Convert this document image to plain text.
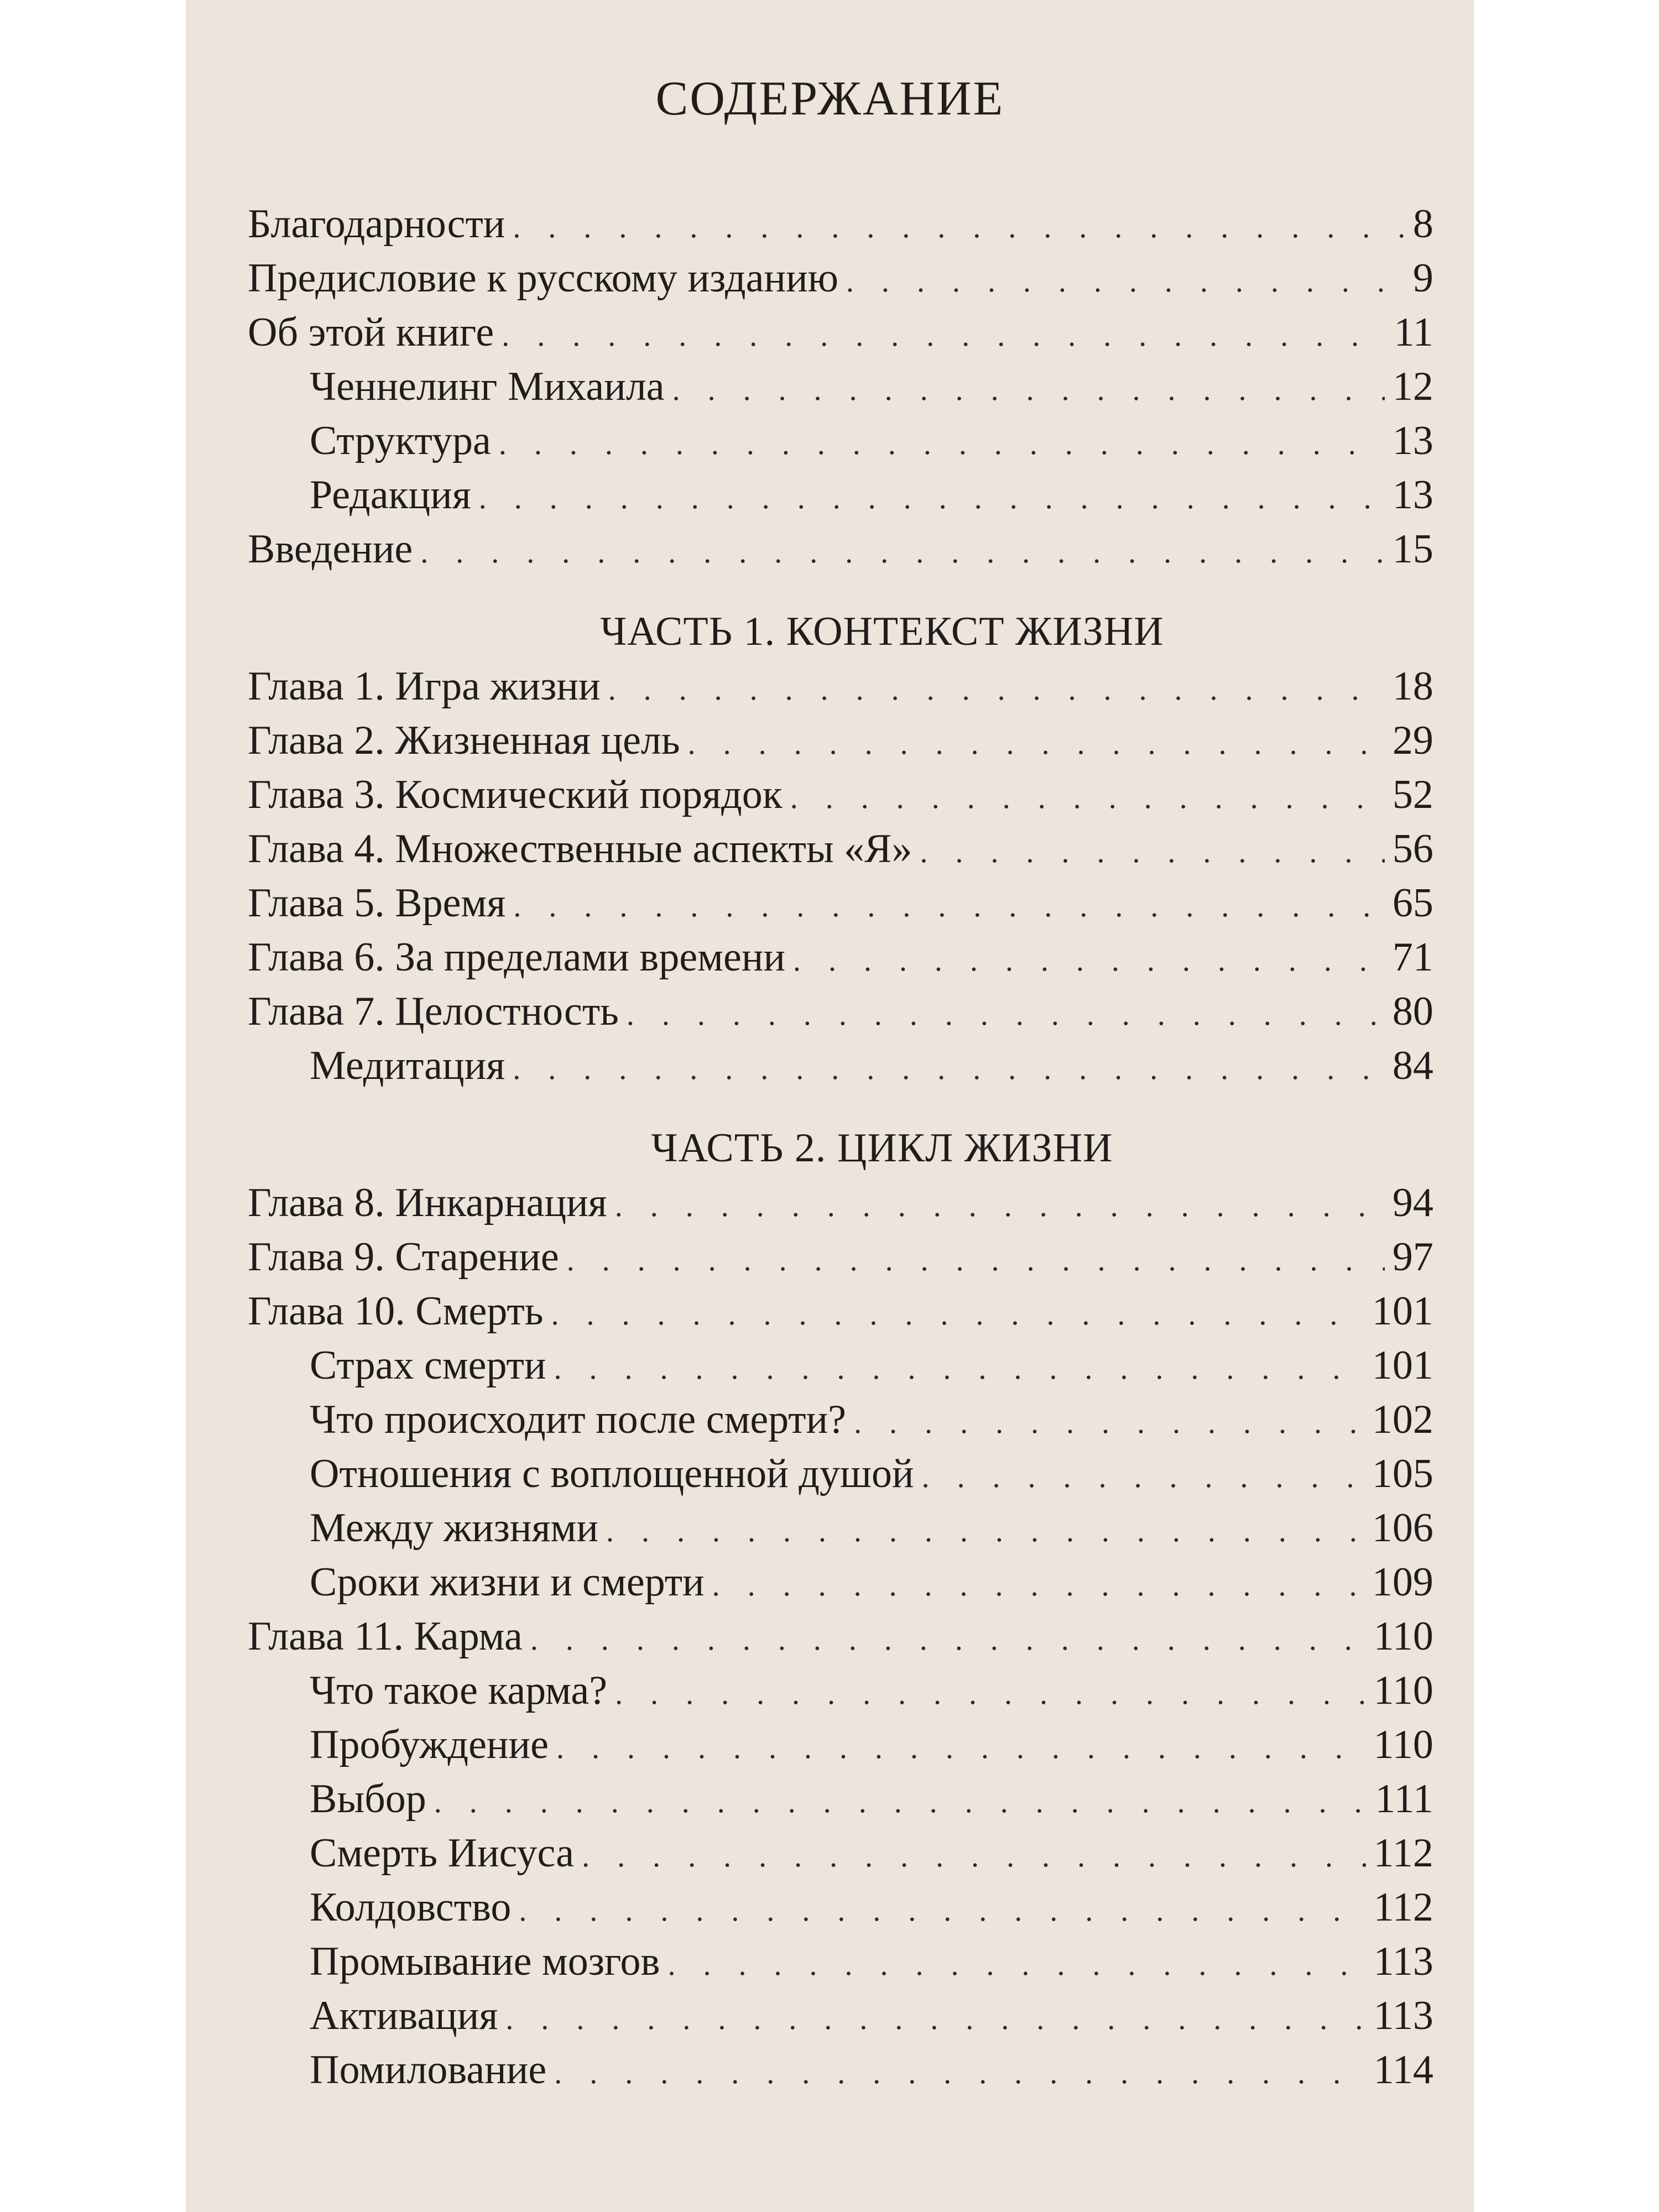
СОДЕРЖАНИЕ
Благодарности . . .	8
Предисловие к русскому изданию . . .	9
Об этой книге . . .	11
Ченнелинг Михаила . . .	12
Структура . . .	13
Редакция . . .	13
Введение . . .	15
ЧАСТЬ 1. КОНТЕКСТ ЖИЗНИ
Глава 1. Игра жизни . . .	18
Глава 2. Жизненная цель . . .	29
Глава 3. Космический порядок . . .	52
Глава 4. Множественные аспекты «Я» . . .	56
Глава 5. Время . . .	65
Глава 6. За пределами времени . . .	71
Глава 7. Целостность . . .	80
Медитация . . .	84
ЧАСТЬ 2. ЦИКЛ ЖИЗНИ
Глава 8. Инкарнация . . .	94
Глава 9. Старение . . .	97
Глава 10. Смерть . . .	101
Страх смерти . . .	101
Что происходит после смерти? . . .	102
Отношения с воплощенной душой . . .	105
Между жизнями . . .	106
Сроки жизни и смерти . . .	109
Глава 11. Карма . . .	110
Что такое карма? . . .	110
Пробуждение . . .	110
Выбор . . .	111
Смерть Иисуса . . .	112
Колдовство . . .	112
Промывание мозгов . . .	113
Активация . . .	113
Помилование . . .	114
